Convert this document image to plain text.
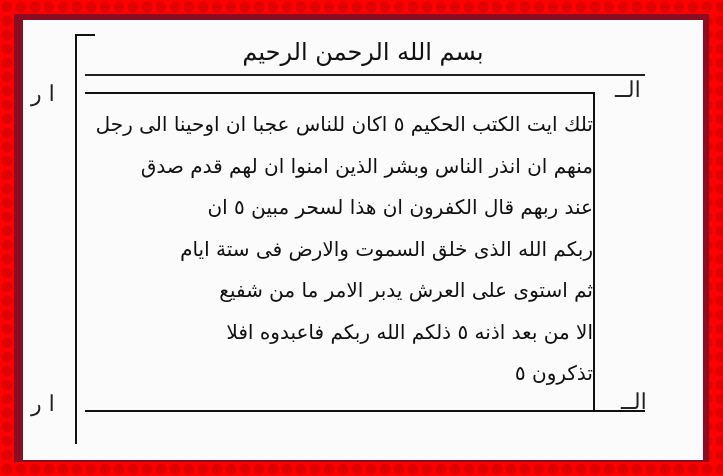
بسم الله الرحمن الرحيم
ا ر	الــ
ا ر	الــ
تلك ايت الكتب الحكيم ٥ اكان للناس عجبا ان اوحينا الى رجل
منهم ان انذر الناس وبشر الذين امنوا ان لهم قدم صدق
عند ربهم قال الكفرون ان هذا لسحر مبين ٥ ان
ربكم الله الذى خلق السموت والارض فى ستة ايام
ثم استوى على العرش يدبر الامر ما من شفيع
الا من بعد اذنه ٥ ذلكم الله ربكم فاعبدوه افلا
تذكرون ٥
